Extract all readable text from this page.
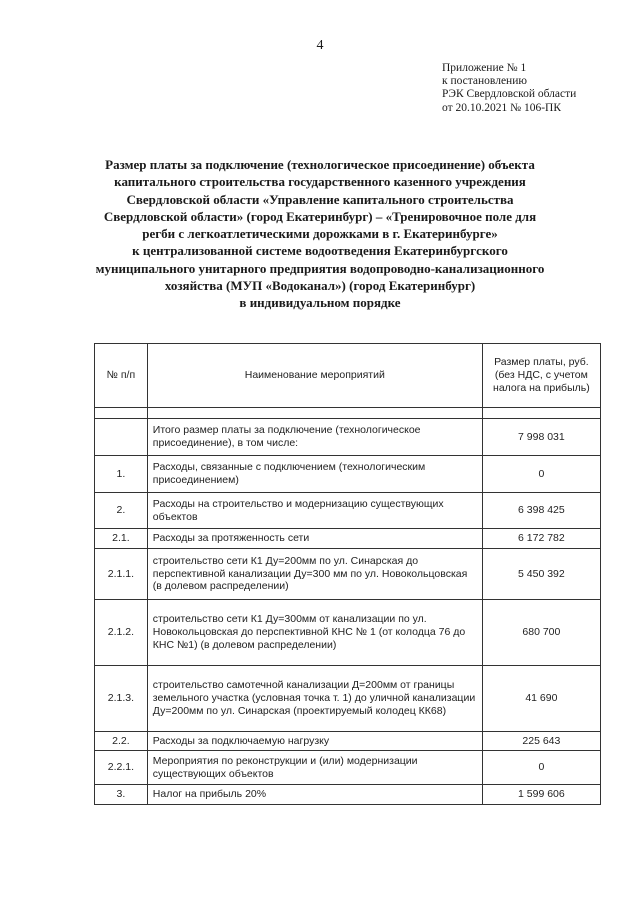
4
Приложение № 1
к постановлению
РЭК Свердловской области
от 20.10.2021 № 106-ПК
Размер платы за подключение (технологическое присоединение) объекта
капитального строительства государственного казенного учреждения
Свердловской области «Управление капитального строительства
Свердловской области» (город Екатеринбург) – «Тренировочное поле для
регби с легкоатлетическими дорожками в г. Екатеринбурге»
к централизованной системе водоотведения Екатеринбургского
муниципального унитарного предприятия водопроводно-канализационного
хозяйства (МУП «Водоканал») (город Екатеринбург)
в индивидуальном порядке
№ п/п	Наименование мероприятий	Размер платы, руб. (без НДС, с учетом налога на прибыль)

	Итого размер платы за подключение (технологическое присоединение), в том числе:	7 998 031
1.	Расходы, связанные с подключением (технологическим присоединением)	0
2.	Расходы на строительство и модернизацию существующих объектов	6 398 425
2.1.	Расходы за протяженность сети	6 172 782
2.1.1.	строительство сети К1 Ду=200мм по ул. Синарская до перспективной канализации Ду=300 мм по ул. Новокольцовская (в долевом распределении)	5 450 392
2.1.2.	строительство сети К1 Ду=300мм от канализации по ул. Новокольцовская до перспективной КНС № 1 (от колодца 76 до КНС №1) (в долевом распределении)	680 700
2.1.3.	строительство самотечной канализации Д=200мм от границы земельного участка (условная точка т. 1) до уличной канализации Ду=200мм по ул. Синарская (проектируемый колодец КК68)	41 690
2.2.	Расходы за подключаемую нагрузку	225 643
2.2.1.	Мероприятия по реконструкции и (или) модернизации существующих объектов	0
3.	Налог на прибыль 20%	1 599 606
